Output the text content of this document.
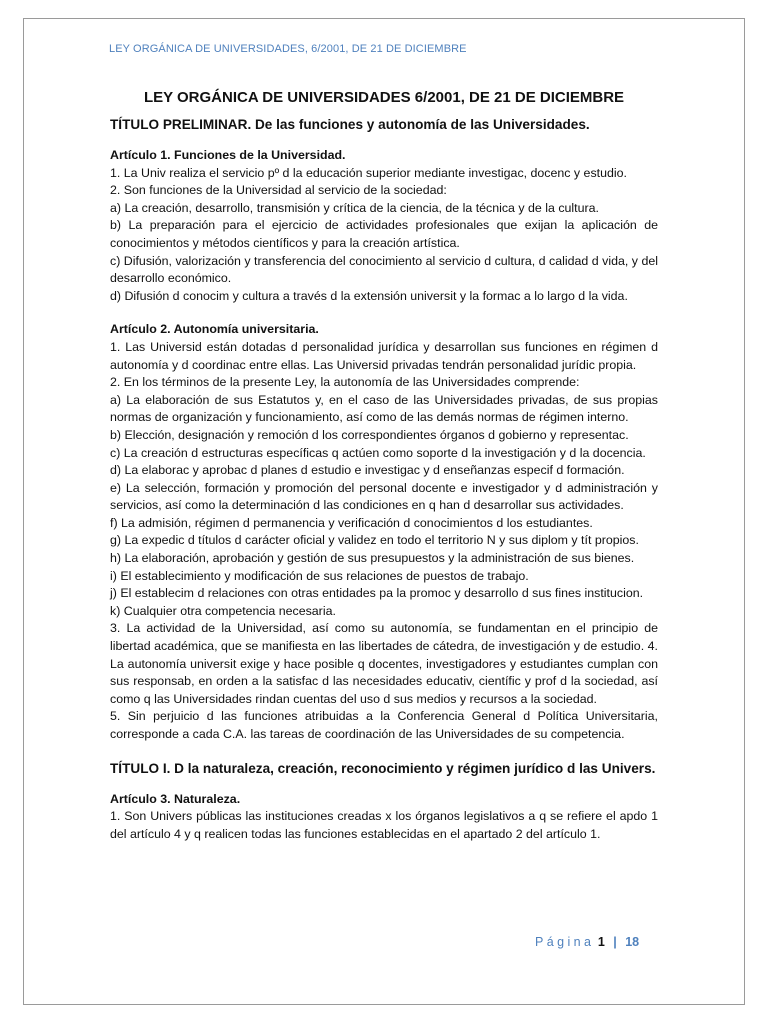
LEY ORGÁNICA DE UNIVERSIDADES, 6/2001, DE 21 DE DICIEMBRE
LEY ORGÁNICA DE UNIVERSIDADES 6/2001, DE 21 DE DICIEMBRE
TÍTULO PRELIMINAR. De las funciones y autonomía de las Universidades.
Artículo 1. Funciones de la Universidad.

1. La Univ realiza el servicio pº d la educación superior mediante investigac, docenc y estudio.

2. Son funciones de la Universidad al servicio de la sociedad:

a) La creación, desarrollo, transmisión y crítica de la ciencia, de la técnica y de la cultura.

b) La preparación para el ejercicio de actividades profesionales que exijan la aplicación de conocimientos y métodos científicos y para la creación artística.

c) Difusión, valorización y transferencia del conocimiento al servicio d cultura, d calidad d vida, y del desarrollo económico.

d) Difusión d conocim y cultura a través d la extensión universit y la formac a lo largo d la vida.

Artículo 2. Autonomía universitaria.

1. Las Universid están dotadas d personalidad jurídica y desarrollan sus funciones en régimen d autonomía y d coordinac entre ellas. Las Universid privadas tendrán personalidad jurídic propia.

2. En los términos de la presente Ley, la autonomía de las Universidades comprende:

a) La elaboración de sus Estatutos y, en el caso de las Universidades privadas, de sus propias normas de organización y funcionamiento, así como de las demás normas de régimen interno.

b) Elección, designación y remoción d los correspondientes órganos d gobierno y representac.

c) La creación d estructuras específicas q actúen como soporte d la investigación y d la docencia.

d) La elaborac y aprobac d planes d estudio e investigac y d enseñanzas especif d formación.

e) La selección, formación y promoción del personal docente e investigador y d administración y servicios, así como la determinación d las condiciones en q han d desarrollar sus actividades.

f) La admisión, régimen d permanencia y verificación d conocimientos d los estudiantes.

g) La expedic d títulos d carácter oficial y validez en todo el territorio N y sus diplom y tít propios.

h) La elaboración, aprobación y gestión de sus presupuestos y la administración de sus bienes.

i) El establecimiento y modificación de sus relaciones de puestos de trabajo.

j) El establecim d relaciones con otras entidades pa la promoc y desarrollo d sus fines institucion.

k) Cualquier otra competencia necesaria.

3. La actividad de la Universidad, así como su autonomía, se fundamentan en el principio de libertad académica, que se manifiesta en las libertades de cátedra, de investigación y de estudio. 4. La autonomía universit exige y hace posible q docentes, investigadores y estudiantes cumplan con sus responsab, en orden a la satisfac d las necesidades educativ, científic y prof d la sociedad, así como q las Universidades rindan cuentas del uso d sus medios y recursos a la sociedad.

5. Sin perjuicio d las funciones atribuidas a la Conferencia General d Política Universitaria, corresponde a cada C.A. las tareas de coordinación de las Universidades de su competencia.

TÍTULO I. D la naturaleza, creación, reconocimiento y régimen jurídico d las Univers.
Artículo 3. Naturaleza.

1. Son Univers públicas las instituciones creadas x los órganos legislativos a q se refiere el apdo 1 del artículo 4 y q realicen todas las funciones establecidas en el apartado 2 del artículo 1.

Página 1 | 18
